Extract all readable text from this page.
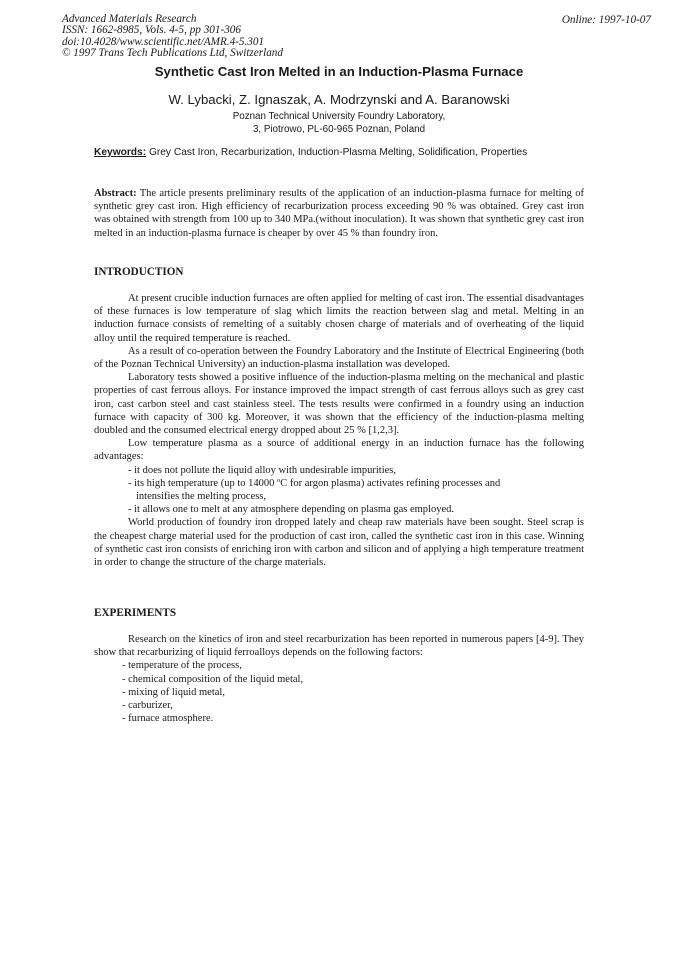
Advanced Materials Research
ISSN: 1662-8985, Vols. 4-5, pp 301-306
doi:10.4028/www.scientific.net/AMR.4-5.301
© 1997 Trans Tech Publications Ltd, Switzerland
Online: 1997-10-07
Synthetic Cast Iron Melted in an Induction-Plasma Furnace
W. Lybacki, Z. Ignaszak, A. Modrzynski and A. Baranowski
Poznan Technical University Foundry Laboratory,
3, Piotrowo, PL-60-965 Poznan, Poland
Keywords: Grey Cast Iron, Recarburization, Induction-Plasma Melting, Solidification, Properties

Abstract: The article presents preliminary results of the application of an induction-plasma furnace for melting of synthetic grey cast iron. High efficiency of recarburization process exceeding 90 % was obtained. Grey cast iron was obtained with strength from 100 up to 340 MPa.(without inoculation). It was shown that synthetic grey cast iron melted in an induction-plasma furnace is cheaper by over 45 % than foundry iron.

INTRODUCTION

At present crucible induction furnaces are often applied for melting of cast iron. The essential disadvantages of these furnaces is low temperature of slag which limits the reaction between slag and metal. Melting in an induction furnace consists of remelting of a suitably chosen charge of materials and of overheating of the liquid alloy until the required temperature is reached.

As a result of co-operation between the Foundry Laboratory and the Institute of Electrical Engineering (both of the Poznan Technical University) an induction-plasma installation was developed.

Laboratory tests showed a positive influence of the induction-plasma melting on the mechanical and plastic properties of cast ferrous alloys. For instance improved the impact strength of cast ferrous alloys such as grey cast iron, cast carbon steel and cast stainless steel. The tests results were confirmed in a foundry using an induction furnace with capacity of 300 kg. Moreover, it was shown that the efficiency of the induction-plasma melting doubled and the consumed electrical energy dropped about 25 % [1,2,3].

Low temperature plasma as a source of additional energy in an induction furnace has the following advantages:

- it does not pollute the liquid alloy with undesirable impurities,
- its high temperature (up to 14000 ºC for argon plasma) activates refining processes and
intensifies the melting process,
- it allows one to melt at any atmosphere depending on plasma gas employed.

World production of foundry iron dropped lately and cheap raw materials have been sought. Steel scrap is the cheapest charge material used for the production of cast iron, called the synthetic cast iron in this case. Winning of synthetic cast iron consists of enriching iron with carbon and silicon and of applying a high temperature treatment in order to change the structure of the charge materials.

EXPERIMENTS

Research on the kinetics of iron and steel recarburization has been reported in numerous papers [4-9]. They show that recarburizing of liquid ferroalloys depends on the following factors:

- temperature of the process,
- chemical composition of the liquid metal,
- mixing of liquid metal,
- carburizer,
- furnace atmosphere.
